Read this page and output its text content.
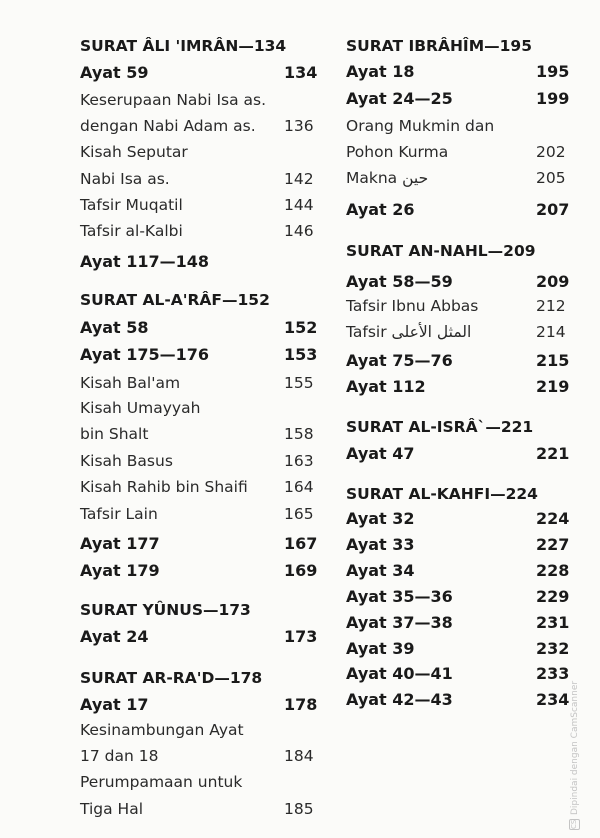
SURAT ÂLI 'IMRÂN—134
Ayat 59	134
Keserupaan Nabi Isa as.
dengan Nabi Adam as. 136
Kisah Seputar
Nabi Isa as.	142
Tafsir Muqatil	144
Tafsir al-Kalbi	146
Ayat 117—148
SURAT AL-A'RÂF—152
Ayat 58	152
Ayat 175—176	153
Kisah Bal'am	155
Kisah Umayyah
bin Shalt	158
Kisah Basus	163
Kisah Rahib bin Shaifi 164
Tafsir Lain	165
Ayat 177	167
Ayat 179	169
SURAT YÛNUS—173
Ayat 24	173
SURAT AR-RA'D—178
Ayat 17	178
Kesinambungan Ayat
17 dan 18	184
Perumpamaan untuk
Tiga Hal	185
SURAT IBRÂHÎM—195
Ayat 18	195
Ayat 24—25	199
Orang Mukmin dan
Pohon Kurma	202
Makna حين	205
Ayat 26	207
SURAT AN-NAHL—209
Ayat 58—59	209
Tafsir Ibnu Abbas	212
Tafsir المثل الأعلى	214
Ayat 75—76	215
Ayat 112	219
SURAT AL-ISRÂ`—221
Ayat 47	221
SURAT AL-KAHFI—224
Ayat 32	224
Ayat 33	227
Ayat 34	228
Ayat 35—36	229
Ayat 37—38	231
Ayat 39	232
Ayat 40—41	233
Ayat 42—43	234
CSDipindai dengan CamScanner
